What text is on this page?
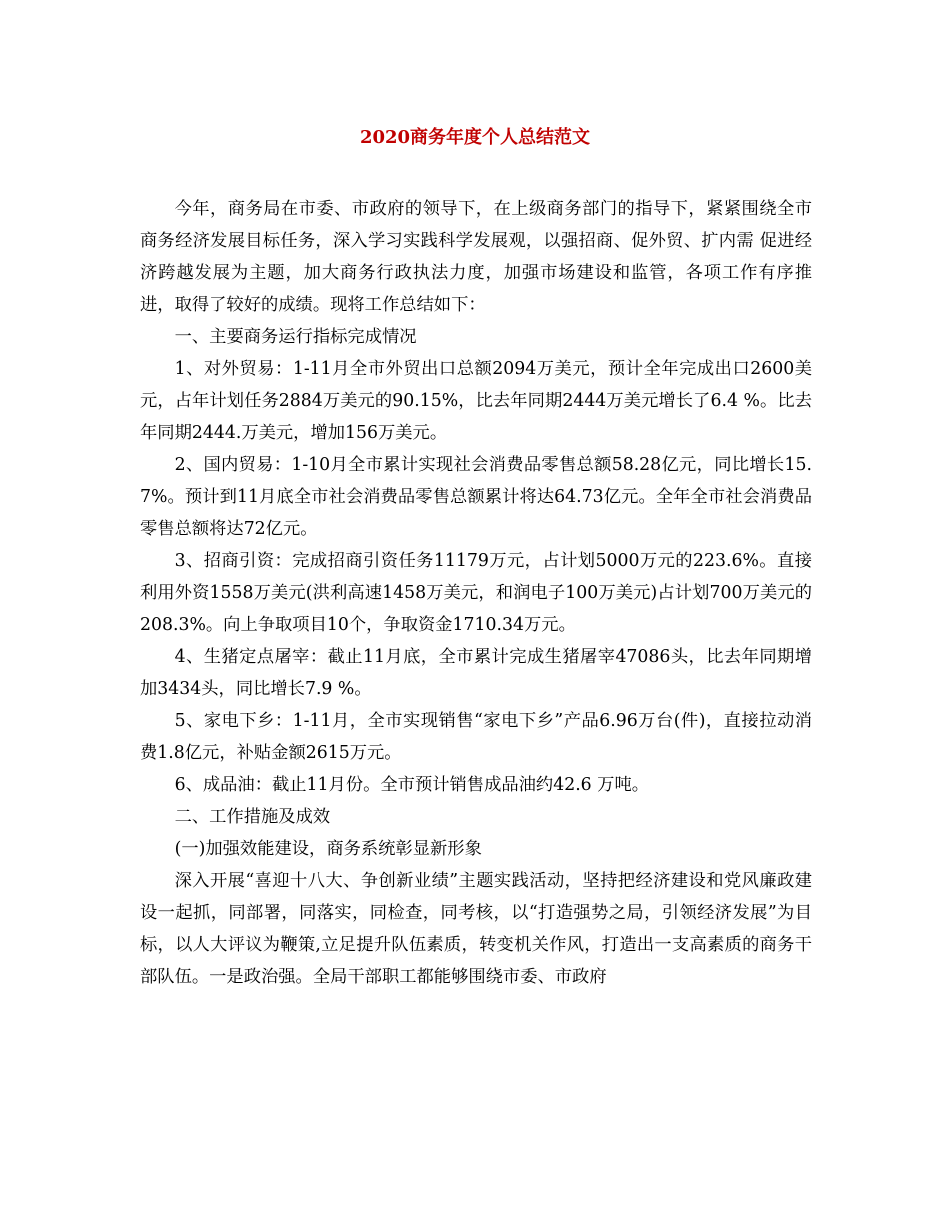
2020商务年度个人总结范文

今年，商务局在市委、市政府的领导下，在上级商务部门的指导下，紧紧围绕全市商务经济发展目标任务，深入学习实践科学发展观，以强招商、促外贸、扩内需 促进经济跨越发展为主题，加大商务行政执法力度，加强市场建设和监管，各项工作有序推进，取得了较好的成绩。现将工作总结如下：

一、主要商务运行指标完成情况

1、对外贸易：1-11月全市外贸出口总额2094万美元，预计全年完成出口2600美元，占年计划任务2884万美元的90.15%，比去年同期2444万美元增长了6.4 %。比去年同期2444.万美元，增加156万美元。

2、国内贸易：1-10月全市累计实现社会消费品零售总额58.28亿元，同比增长15.7%。预计到11月底全市社会消费品零售总额累计将达64.73亿元。全年全市社会消费品零售总额将达72亿元。

3、招商引资：完成招商引资任务11179万元，占计划5000万元的223.6%。直接利用外资1558万美元(洪利高速1458万美元，和润电子100万美元)占计划700万美元的208.3%。向上争取项目10个，争取资金1710.34万元。

4、生猪定点屠宰：截止11月底，全市累计完成生猪屠宰47086头，比去年同期增加3434头，同比增长7.9 %。

5、家电下乡：1-11月，全市实现销售“家电下乡”产品6.96万台(件)，直接拉动消费1.8亿元，补贴金额2615万元。

6、成品油：截止11月份。全市预计销售成品油约42.6 万吨。

二、工作措施及成效

(一)加强效能建设，商务系统彰显新形象

深入开展“喜迎十八大、争创新业绩”主题实践活动，坚持把经济建设和党风廉政建设一起抓，同部署，同落实，同检查，同考核，以“打造强势之局，引领经济发展”为目标，以人大评议为鞭策,立足提升队伍素质，转变机关作风，打造出一支高素质的商务干部队伍。一是政治强。全局干部职工都能够围绕市委、市政府
